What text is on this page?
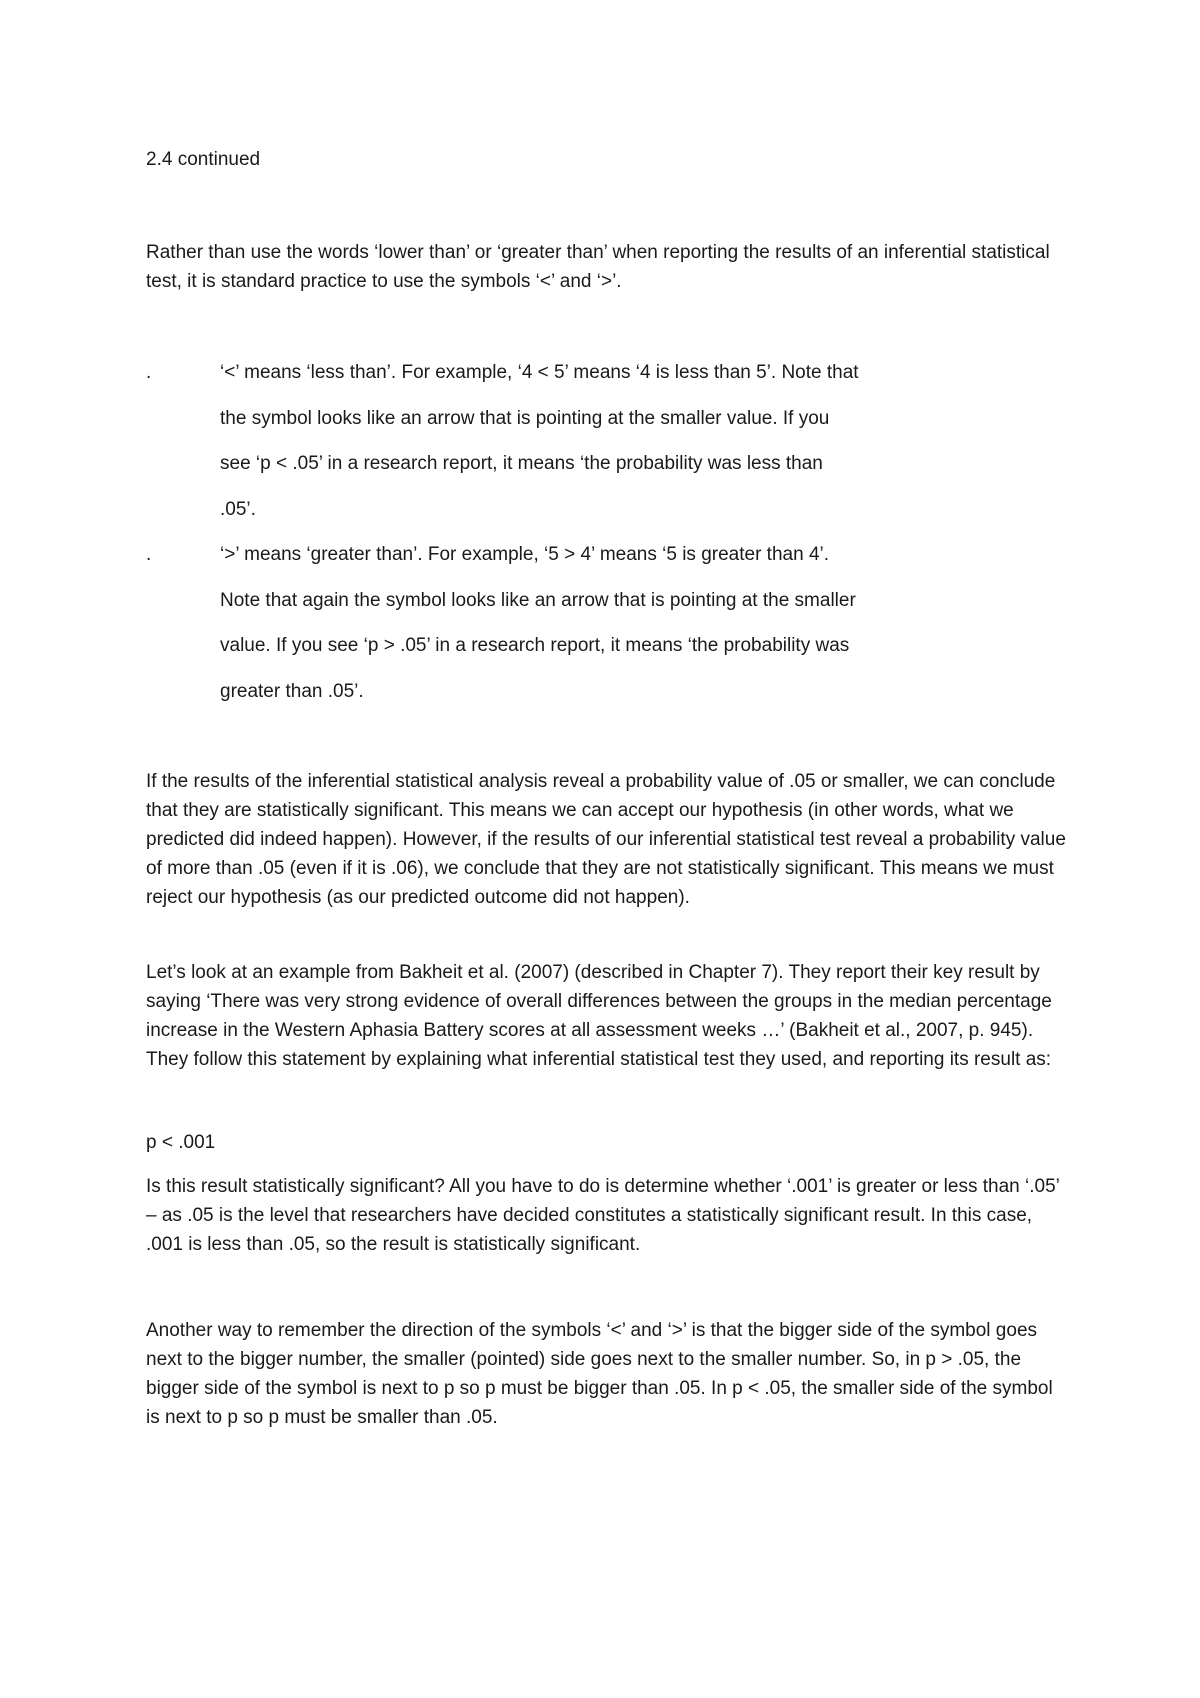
2.4 continued

Rather than use the words ‘lower than’ or ‘greater than’ when reporting the results of an inferential statistical test, it is standard practice to use the symbols ‘<’ and ‘>’.

.	‘<’ means ‘less than’. For example, ‘4 < 5’ means ‘4 is less than 5’. Note that the symbol looks like an arrow that is pointing at the smaller value. If you see ‘p < .05’ in a research report, it means ‘the probability was less than .05’.

.	‘>’ means ‘greater than’. For example, ‘5 > 4’ means ‘5 is greater than 4’. Note that again the symbol looks like an arrow that is pointing at the smaller value. If you see ‘p > .05’ in a research report, it means ‘the probability was greater than .05’.

If the results of the inferential statistical analysis reveal a probability value of .05 or smaller, we can conclude that they are statistically significant. This means we can accept our hypothesis (in other words, what we predicted did indeed happen). However, if the results of our inferential statistical test reveal a probability value of more than .05 (even if it is .06), we conclude that they are not statistically significant. This means we must reject our hypothesis (as our predicted outcome did not happen).

Let’s look at an example from Bakheit et al. (2007) (described in Chapter 7). They report their key result by saying ‘There was very strong evidence of overall differences between the groups in the median percentage increase in the Western Aphasia Battery scores at all assessment weeks …’ (Bakheit et al., 2007, p. 945). They follow this statement by explaining what inferential statistical test they used, and reporting its result as:

p < .001

Is this result statistically significant? All you have to do is determine whether ‘.001’ is greater or less than ‘.05’ – as .05 is the level that researchers have decided constitutes a statistically significant result. In this case, .001 is less than .05, so the result is statistically significant.

Another way to remember the direction of the symbols ‘<’ and ‘>’ is that the bigger side of the symbol goes next to the bigger number, the smaller (pointed) side goes next to the smaller number. So, in p > .05, the bigger side of the symbol is next to p so p must be bigger than .05. In p < .05, the smaller side of the symbol is next to p so p must be smaller than .05.
